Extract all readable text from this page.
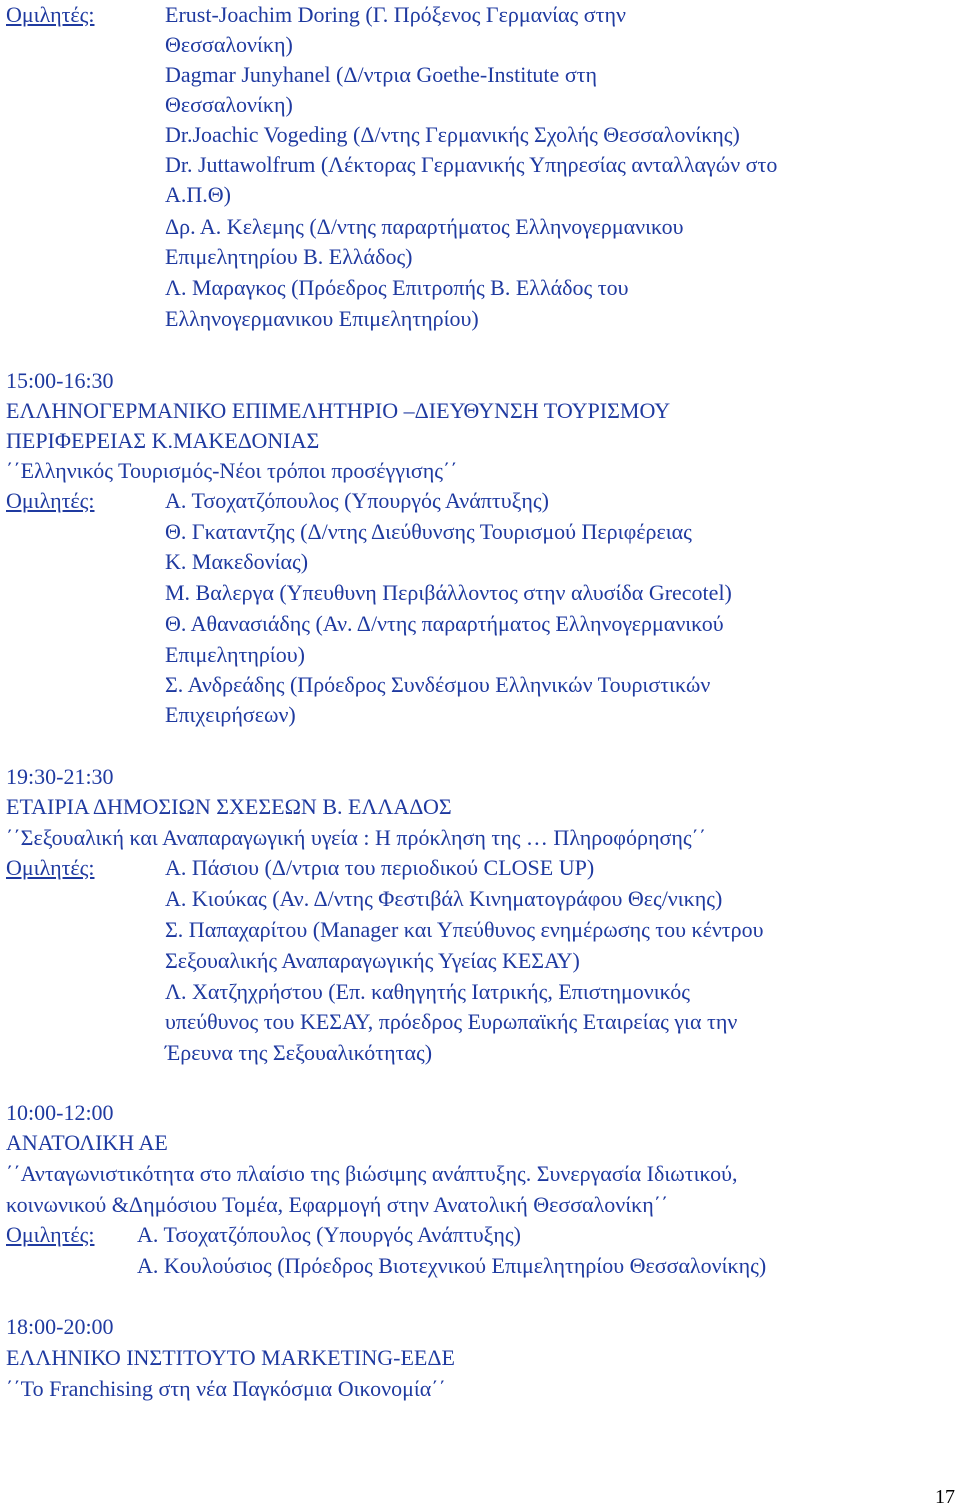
Ομιλητές:	Erust-Joachim Doring (Γ. Πρόξενος Γερμανίας στην
Θεσσαλονίκη)
Dagmar Junyhanel (Δ/ντρια Goethe-Institute στη
Θεσσαλονίκη)
Dr.Joachic Vogeding (Δ/ντης Γερμανικής Σχολής Θεσσαλονίκης)
Dr. Juttawolfrum (Λέκτορας Γερμανικής Υπηρεσίας ανταλλαγών στο
Α.Π.Θ)
Δρ. Α. Κελεμης (Δ/ντης παραρτήματος Ελληνογερμανικου
Επιμελητηρίου Β. Ελλάδος)
Λ. Μαραγκος (Πρόεδρος Επιτροπής Β. Ελλάδος του
Ελληνογερμανικου Επιμελητηρίου)
15:00-16:30
ΕΛΛΗΝΟΓΕΡΜΑΝΙΚΟ ΕΠΙΜΕΛΗΤΗΡΙΟ –ΔΙΕΥΘΥΝΣΗ ΤΟΥΡΙΣΜΟΥ
ΠΕΡΙΦΕΡΕΙΑΣ Κ.ΜΑΚΕΔΟΝΙΑΣ
΄΄Ελληνικός Τουρισμός-Νέοι τρόποι προσέγγισης΄΄
Ομιλητές:	Α. Τσοχατζόπουλος (Υπουργός Ανάπτυξης)
Θ. Γκαταντζης (Δ/ντης Διεύθυνσης Τουρισμού Περιφέρειας
Κ. Μακεδονίας)
Μ. Βαλεργα (Υπευθυνη Περιβάλλοντος στην αλυσίδα Grecotel)
Θ. Αθανασιάδης (Αν. Δ/ντης παραρτήματος Ελληνογερμανικού
Επιμελητηρίου)
Σ. Ανδρεάδης (Πρόεδρος Συνδέσμου Ελληνικών Τουριστικών
Επιχειρήσεων)
19:30-21:30
ΕΤΑΙΡΙΑ ΔΗΜΟΣΙΩΝ ΣΧΕΣΕΩΝ Β. ΕΛΛΑΔΟΣ
΄΄Σεξουαλική και Αναπαραγωγική υγεία : Η πρόκληση της … Πληροφόρησης΄΄
Ομιλητές:	Α. Πάσιου (Δ/ντρια του περιοδικού CLOSE UP)
Α. Κιούκας (Αν. Δ/ντης Φεστιβάλ Κινηματογράφου Θες/νικης)
Σ. Παπαχαρίτου (Manager και Υπεύθυνος ενημέρωσης του κέντρου
Σεξουαλικής Αναπαραγωγικής Υγείας ΚΕΣΑΥ)
Λ. Χατζηχρήστου (Επ. καθηγητής Ιατρικής, Επιστημονικός
υπεύθυνος του ΚΕΣΑΥ, πρόεδρος Ευρωπαϊκής Εταιρείας για την
Έρευνα της Σεξουαλικότητας)
10:00-12:00
ΑΝΑΤΟΛΙΚΗ ΑΕ
΄΄Ανταγωνιστικότητα στο πλαίσιο της βιώσιμης ανάπτυξης. Συνεργασία Ιδιωτικού,
κοινωνικού &Δημόσιου Τομέα, Εφαρμογή στην Ανατολική Θεσσαλονίκη΄΄
Ομιλητές: Α. Τσοχατζόπουλος (Υπουργός Ανάπτυξης)
Α. Κουλούσιος (Πρόεδρος Βιοτεχνικού Επιμελητηρίου Θεσσαλονίκης)
18:00-20:00
ΕΛΛΗΝΙΚΟ ΙΝΣΤΙΤΟΥΤΟ MARKETING-ΕΕΔΕ
΄΄Το Franchising στη νέα Παγκόσμια Οικονομία΄΄
17
